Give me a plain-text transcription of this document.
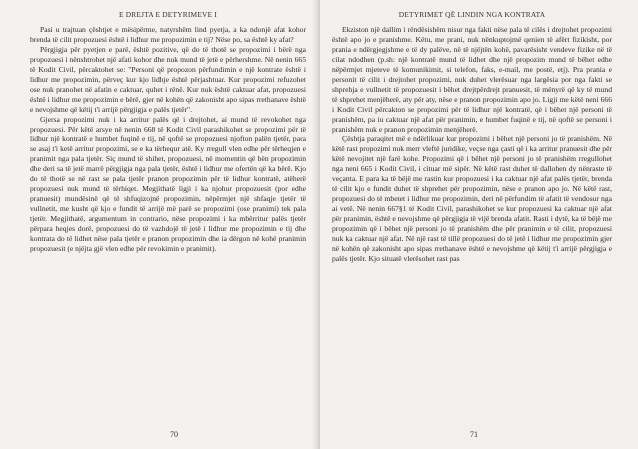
E DREJTA E DETYRIMEVE I

Pasi u trajtuan çështjet e mësipërme, natyrshëm lind pyetja, a ka ndonjë afat kohor brenda të cilit propozuesi është i lidhur me propozimin e tij? Nëse po, sa është ky afat?

Përgjigja për pyetjen e parë, është pozitive, që do të thotë se propozimi i bërë nga propozuesi i nënshtrohet një afati kohor dhe nuk mund të jetë e përhershme. Në nenin 665 të Kodit Civil, përcaktohet se: "Personi që propozon përfundimin e një kontrate është i lidhur me propozimin, përveç kur kjo lidhje është përjashtuar. Kur propozimi refuzohet ose nuk pranohet në afatin e caktuar, quhet i rënë. Kur nuk është caktuar afat, propozuesi është i lidhur me propozimin e bërë, gjer në kohën që zakonisht apo sipas rrethanave është e nevojshme që këtij t'i arrijë përgjigja e palës tjetër".

Gjersa propozimi nuk i ka arritur palës që i drejtohet, ai mund të revokohet nga propozuesi. Për këtë arsye në nenin 668 të Kodit Civil parashikohet se propozimi për të lidhur një kontratë e humbet fuqinë e tij, në qoftë se propozuesi njofton palën tjetër, para se asaj t'i ketë arritur propozimi, se e ka tërhequr atë. Ky rregull vlen edhe për tërheqjen e pranimit nga pala tjetër. Siç mund të shihet, propozuesi, në momentin që bën propozimin dhe deri sa të jetë marrë përgjigja nga pala tjetër, është i lidhur me ofertën që ka bërë. Kjo do të thotë se në rast se pala tjetër pranon propozimin për të lidhur kontratë, atëherë propozuesi nuk mund të tërhiqet. Megjithatë ligji i ka njohur propozuesit (por edhe pranuesit) mundësinë që të shfuqizojnë propozimin, nëpërmjet një shfaqje tjetër të vullnetit, me kusht që kjo e fundit të arrijë më parë se propozimi (ose pranimi) tek pala tjetër. Megjithatë, argumentum in contrario, nëse propozimi i ka mbërritur palës tjetër përpara heqjes dorë, propozuesi do të vazhdojë të jetë i lidhur me propozimin e tij dhe kontrata do të lidhet nëse pala tjetër e pranon propozimin dhe ia dërgon në kohë pranimin propozuesit (e njëjta gjë vlen edhe për revokimin e pranimit).

70
DETYRIMET QË LINDIN NGA KONTRATA

Ekziston një dallim i rëndësishëm nisur nga fakti nëse pala të cilës i drejtohet propozimi është apo jo e pranishme. Këtu, me prani, nuk nënkuptojmë qenien të afërt fizikisht, por prania e ndërgjegjshme e të dy palëve, në të njëjtën kohë, pavarësisht vendeve fizike në të cilat ndodhen (p.sh: një kontratë mund të lidhet dhe një propozim mund të bëhet edhe nëpërmjet mjeteve të komunikimit, si telefon, faks, e-mail, me postë, etj). Pra prania e personit të cilit i drejtohet propozimi, nuk duhet vlerësuar nga largësia por nga fakti se shprehja e vullnetit të propozuesit i bëhet drejtpërdrejt pranuesit, të mënyrë që ky të mund të shprehet menjëherë, aty për aty, nëse e pranon propozimin apo jo. Ligji me këtë neni 666 i Kodit Civil përcakton se propozimi për të lidhur një kontratë, që i bëhet një personi të pranishëm, pa iu caktuar një afat për pranimin, e humbet fuqinë e tij, në qoftë se personi i pranishëm nuk e pranon propozimin menjëherë.

Çështja paraqitet më e ndërlikuar kur propozimi i bëhet një personi jo të pranishëm. Në këtë rast propozimi nuk merr vleftë juridike, veçse nga çasti që i ka arritur pranuesit dhe për këtë nevojitet një farë kohe. Propozimi që i bëhet një personi jo të pranishëm rregullohet nga neni 665 i Kodit Civil, i cituar më sipër. Në këtë rast duhet të dallohen dy nënraste të veçanta. E para ka të bëjë me rastin kur propozuesi i ka caktuar një afat palës tjetër, brenda të cilit kjo e fundit duhet të shprehet për propozimin, nëse e pranon apo jo. Në këtë rast, propozuesi do të mbetet i lidhur me propozimin, deri në përfundim të afatit të vendosur nga ai vetë. Në nenin 667§1 të Kodit Civil, parashikohet se kur propozuesi ka caktuar një afat për pranimin, është e nevojshme që përgjigja të vijë brenda afatit. Rasti i dytë, ka të bëjë me propozimin që i bëhet një personi jo të pranishëm dhe për pranimin e të cilit, propozuesi nuk ka caktuar një afat. Në një rast të tillë propozuesi do të jetë i lidhur me propozimin gjer në kohën që zakonisht apo sipas rrethanave është e nevojshme që këtij t'i arrijë përgjigja e palës tjetër. Kjo situatë vlerësohet rast pas

71
